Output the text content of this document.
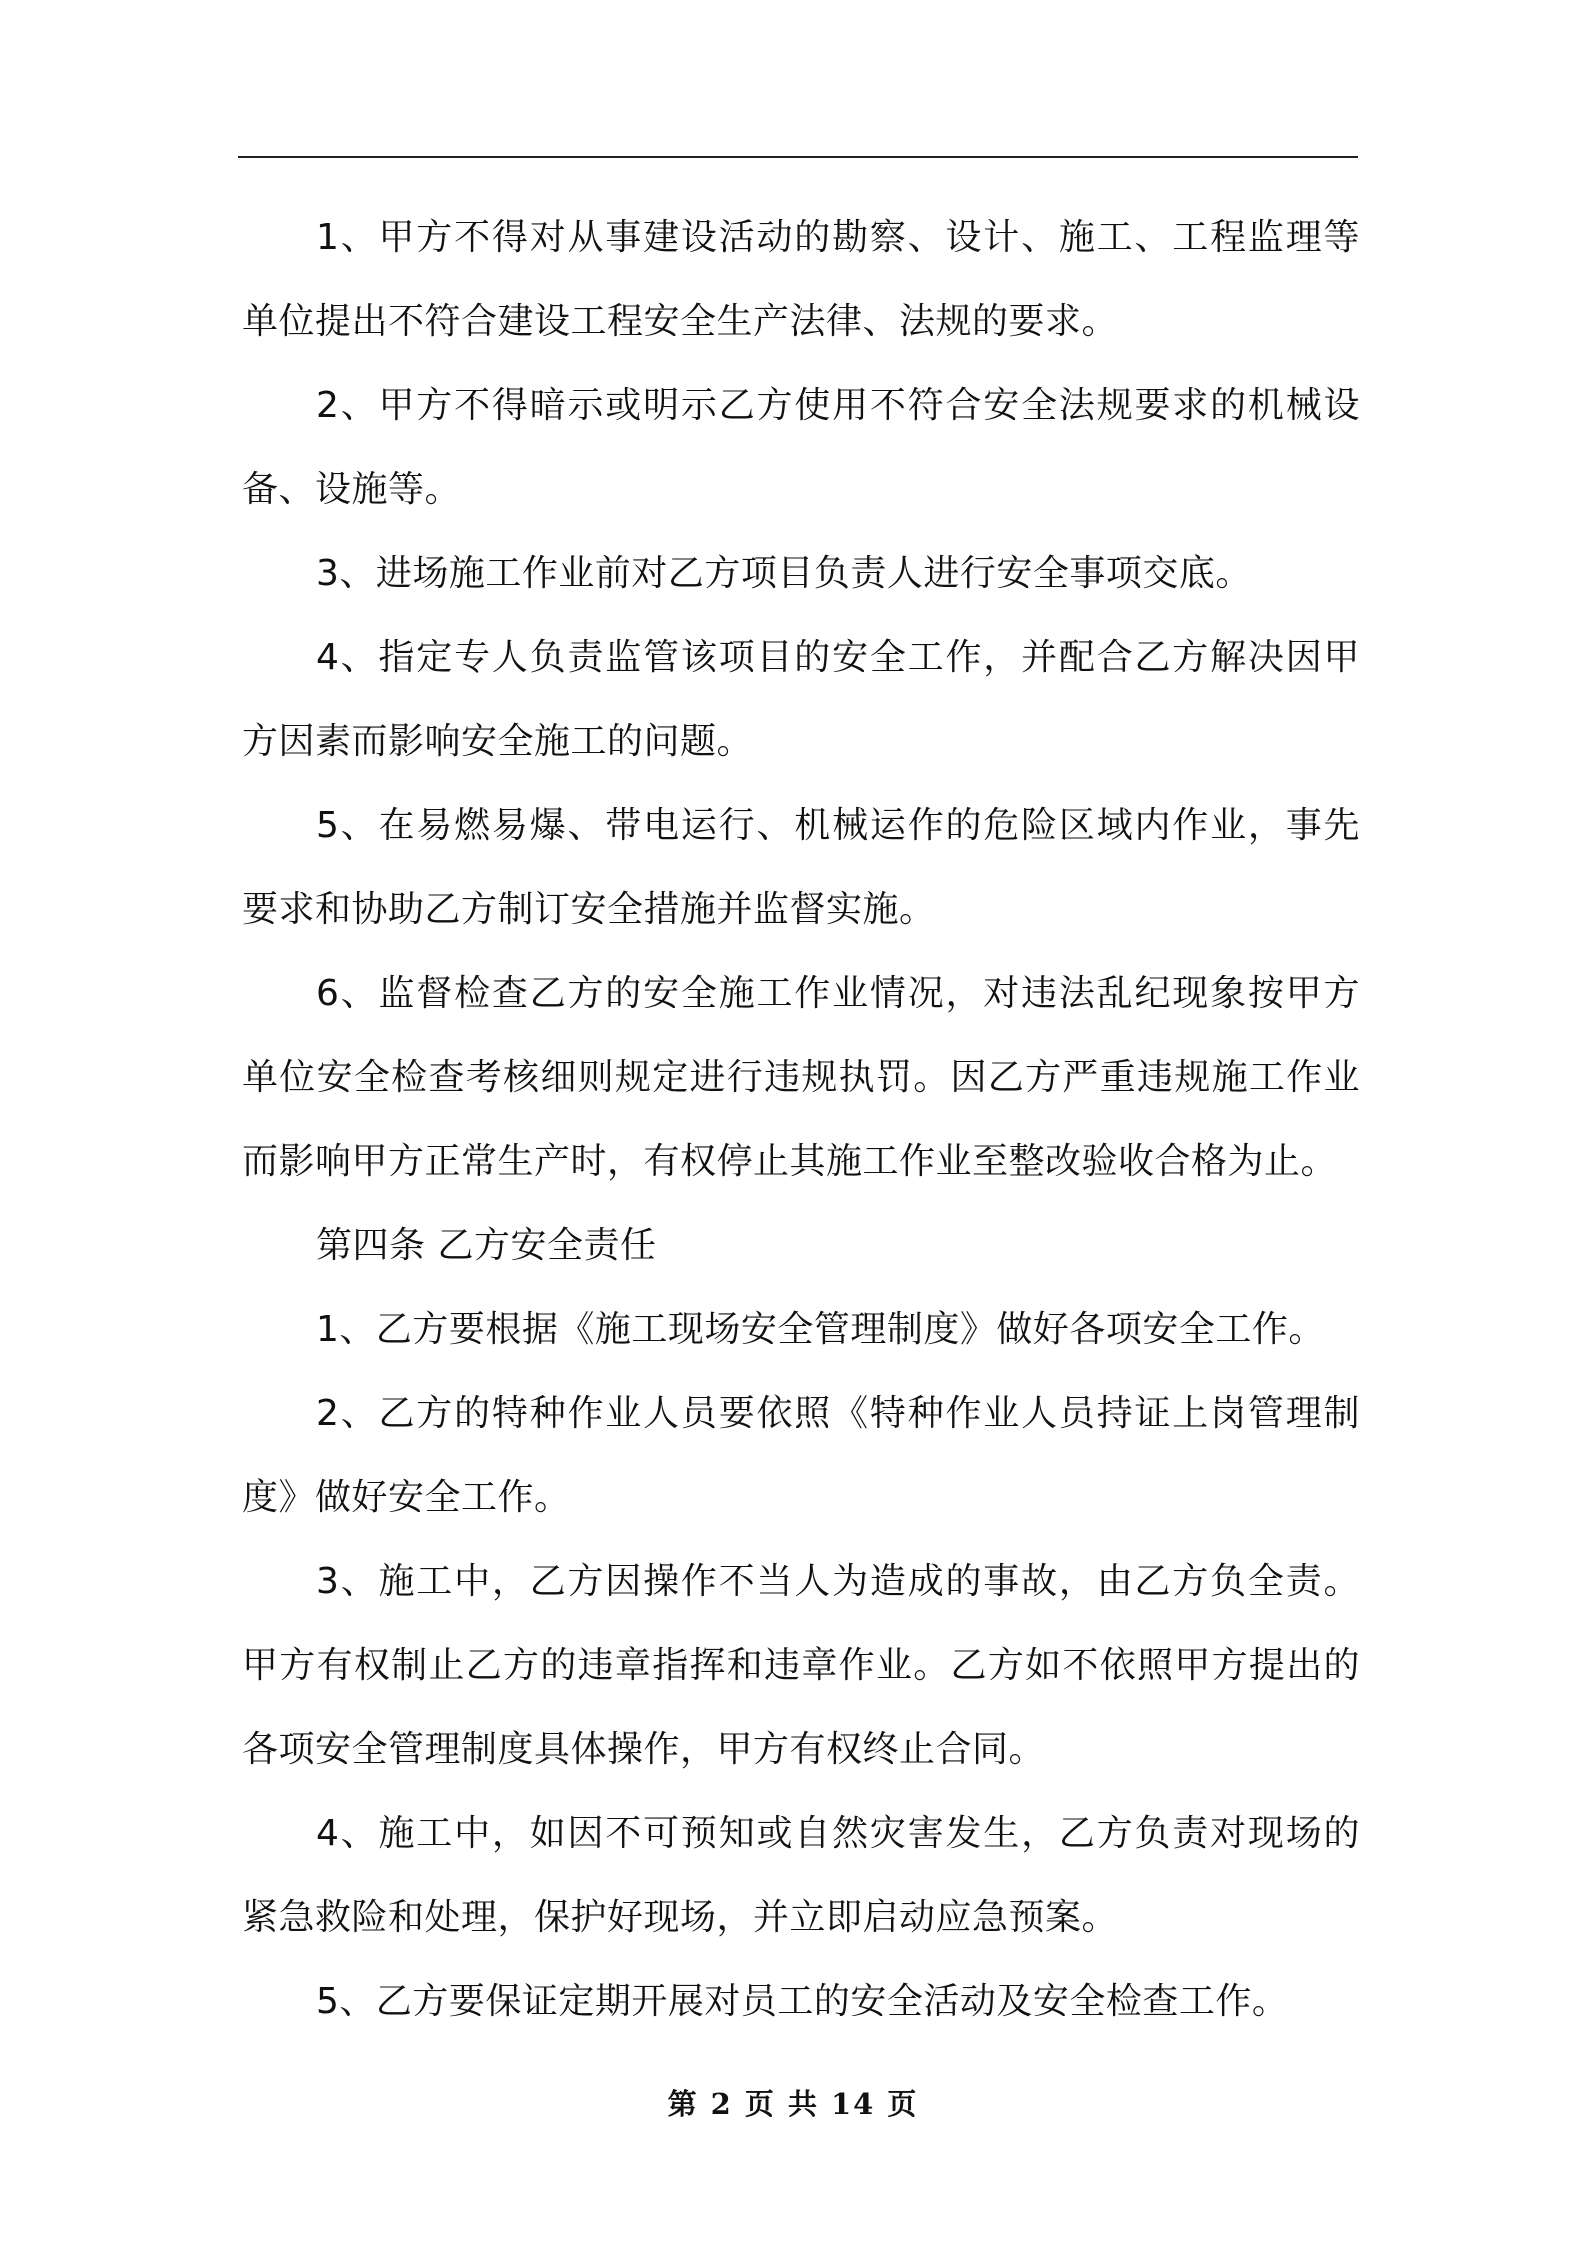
1、甲方不得对从事建设活动的勘察、设计、施工、工程监理等单位提出不符合建设工程安全生产法律、法规的要求。

2、甲方不得暗示或明示乙方使用不符合安全法规要求的机械设备、设施等。

3、进场施工作业前对乙方项目负责人进行安全事项交底。

4、指定专人负责监管该项目的安全工作，并配合乙方解决因甲方因素而影响安全施工的问题。

5、在易燃易爆、带电运行、机械运作的危险区域内作业，事先要求和协助乙方制订安全措施并监督实施。

6、监督检查乙方的安全施工作业情况，对违法乱纪现象按甲方单位安全检查考核细则规定进行违规执罚。因乙方严重违规施工作业而影响甲方正常生产时，有权停止其施工作业至整改验收合格为止。

第四条 乙方安全责任

1、乙方要根据《施工现场安全管理制度》做好各项安全工作。

2、乙方的特种作业人员要依照《特种作业人员持证上岗管理制度》做好安全工作。

3、施工中，乙方因操作不当人为造成的事故，由乙方负全责。甲方有权制止乙方的违章指挥和违章作业。乙方如不依照甲方提出的各项安全管理制度具体操作，甲方有权终止合同。

4、施工中，如因不可预知或自然灾害发生，乙方负责对现场的紧急救险和处理，保护好现场，并立即启动应急预案。

5、乙方要保证定期开展对员工的安全活动及安全检查工作。

第 2 页 共 14 页
